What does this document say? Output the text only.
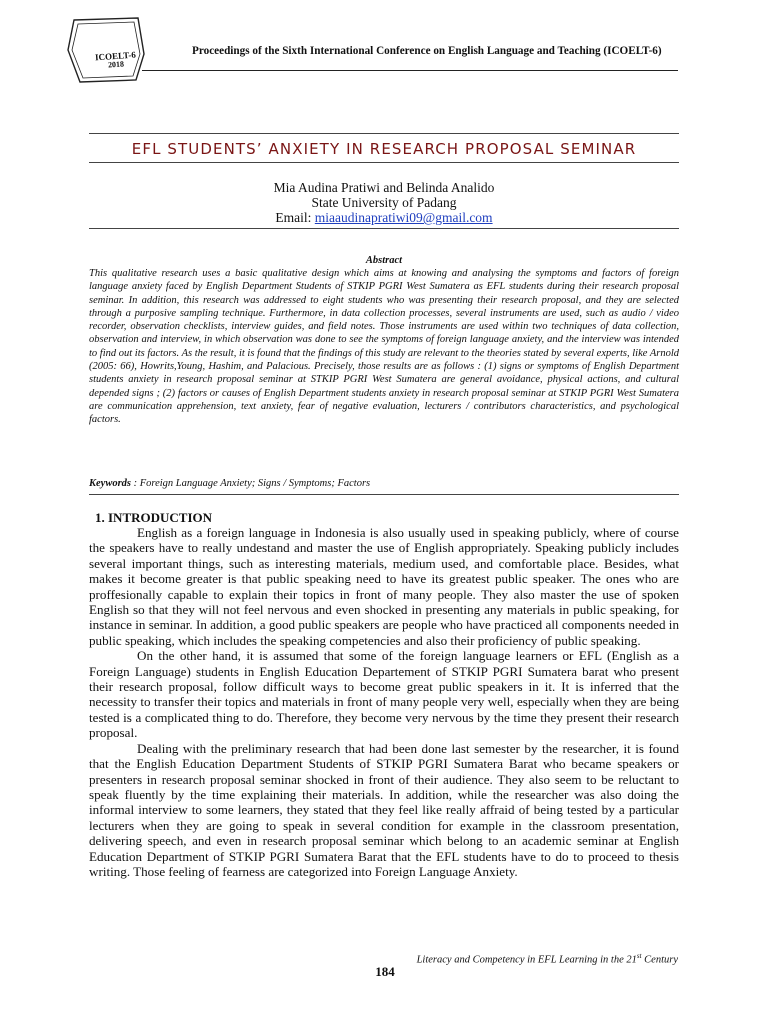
ICOELT-6
2018
Proceedings of the Sixth International Conference on English Language and Teaching (ICOELT-6)
EFL STUDENTS’ ANXIETY IN RESEARCH PROPOSAL SEMINAR
Mia Audina Pratiwi and Belinda Analido
State University of Padang
Email: miaaudinapratiwi09@gmail.com
Abstract
This qualitative research uses a basic qualitative design which aims at knowing and analysing the symptoms and factors of foreign language anxiety faced by English Department Students of STKIP PGRI West Sumatera as EFL students during their research proposal seminar. In addition, this research was addressed to eight students who was presenting their research proposal, and they are selected through a purposive sampling technique. Furthermore, in data collection processes, several instruments are used, such as audio / video recorder, observation checklists, interview guides, and field notes. Those instruments are used within two techniques of data collection, observation and interview, in which observation was done to see the symptoms of foreign language anxiety, and the interview was intended to find out its factors. As the result, it is found that the findings of this study are relevant to the theories stated by several experts, like Arnold (2005: 66), Howrits,Young, Hashim, and Palacious. Precisely, those results are as follows : (1) signs or symptoms of English Department students anxiety in research proposal seminar at STKIP PGRI West Sumatera are general avoidance, physical actions, and cultural depended signs ; (2) factors or causes of English Department students anxiety in research proposal seminar at STKIP PGRI West Sumatera are communication apprehension, text anxiety, fear of negative evaluation, lecturers / contributors characteristics, and psychological factors.
Keywords : Foreign Language Anxiety; Signs / Symptoms; Factors
1. INTRODUCTION

English as a foreign language in Indonesia is also usually used in speaking publicly, where of course the speakers have to really undestand and master the use of English appropriately. Speaking publicly includes several important things, such as interesting materials, medium used, and comfortable place. Besides, what makes it become greater is that public speaking need to have its greatest public speaker. The ones who are proffesionally capable to explain their topics in front of many people. They also master the use of spoken English so that they will not feel nervous and even shocked in presenting any materials in public speaking, for instance in seminar. In addition, a good public speakers are people who have practiced all components needed in public speaking, which includes the speaking competencies and also their proficiency of public speaking.

On the other hand, it is assumed that some of the foreign language learners or EFL (English as a Foreign Language) students in English Education Departement of STKIP PGRI Sumatera barat who present their research proposal, follow difficult ways to become great public speakers in it. It is inferred that the necessity to transfer their topics and materials in front of many people very well, especially when they are being tested is a complicated thing to do. Therefore, they become very nervous by the time they present their research proposal.

Dealing with the preliminary research that had been done last semester by the researcher, it is found that the English Education Department Students of STKIP PGRI Sumatera Barat who became speakers or presenters in research proposal seminar shocked in front of their audience. They also seem to be reluctant to speak fluently by the time explaining their materials. In addition, while the researcher was also doing the informal interview to some learners, they stated that they feel like really affraid of being tested by a particular lecturers when they are going to speak in several condition for example in the classroom presentation, delivering speech, and even in research proposal seminar which belong to an academic seminar at English Education Department of STKIP PGRI Sumatera Barat that the EFL students have to do to proceed to thesis writing. Those feeling of fearness are categorized into Foreign Language Anxiety.

Literacy and Competency in EFL Learning in the 21st Century
184
